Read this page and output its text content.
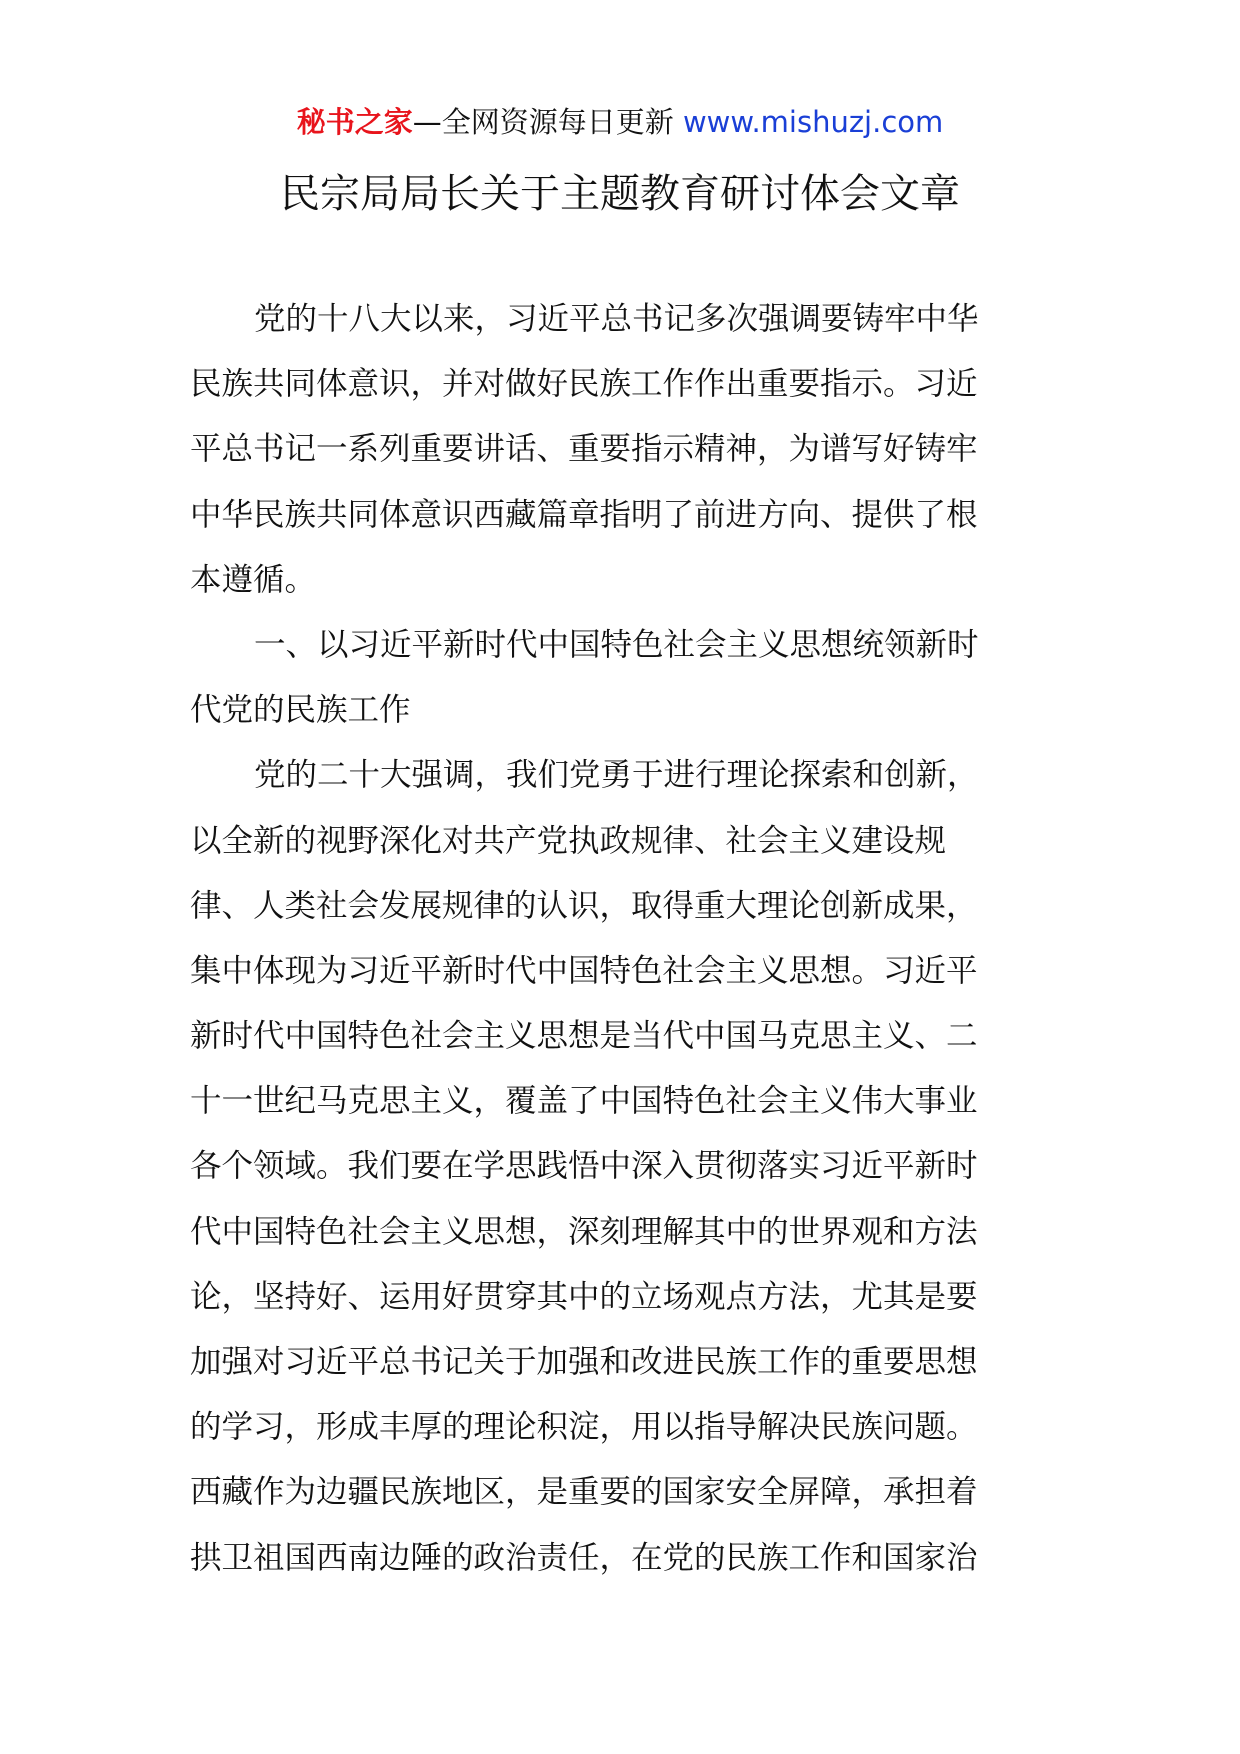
秘书之家—全网资源每日更新 www.mishuzj.com
民宗局局长关于主题教育研讨体会文章
党的十八大以来，习近平总书记多次强调要铸牢中华
民族共同体意识，并对做好民族工作作出重要指示。习近
平总书记一系列重要讲话、重要指示精神，为谱写好铸牢
中华民族共同体意识西藏篇章指明了前进方向、提供了根
本遵循。
一、以习近平新时代中国特色社会主义思想统领新时
代党的民族工作
党的二十大强调，我们党勇于进行理论探索和创新，
以全新的视野深化对共产党执政规律、社会主义建设规
律、人类社会发展规律的认识，取得重大理论创新成果，
集中体现为习近平新时代中国特色社会主义思想。习近平
新时代中国特色社会主义思想是当代中国马克思主义、二
十一世纪马克思主义，覆盖了中国特色社会主义伟大事业
各个领域。我们要在学思践悟中深入贯彻落实习近平新时
代中国特色社会主义思想，深刻理解其中的世界观和方法
论，坚持好、运用好贯穿其中的立场观点方法，尤其是要
加强对习近平总书记关于加强和改进民族工作的重要思想
的学习，形成丰厚的理论积淀，用以指导解决民族问题。
西藏作为边疆民族地区，是重要的国家安全屏障，承担着
拱卫祖国西南边陲的政治责任，在党的民族工作和国家治
